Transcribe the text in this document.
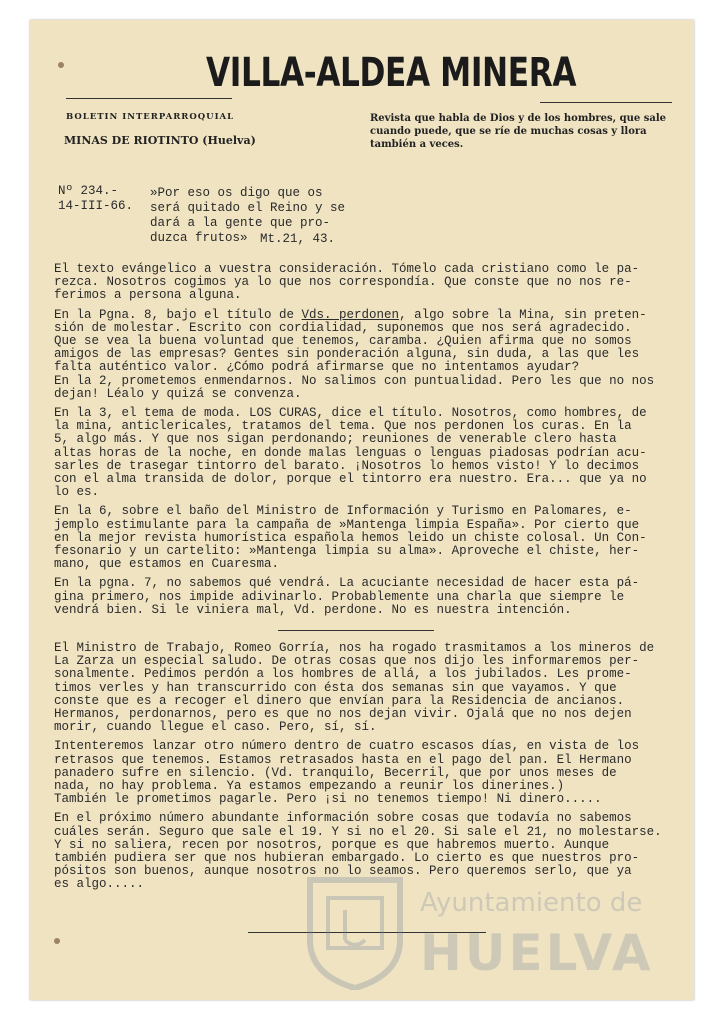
VILLA-ALDEA MINERA
BOLETIN INTERPARROQUIAL
MINAS DE RIOTINTO (Huelva)
Revista que habla de Dios y de los hombres, que sale cuando puede, que se ríe de muchas cosas y llora también a veces.
Nº 234.-
14-III-66.
»Por eso os digo que os
será quitado el Reino y se
dará a la gente que pro-
duzca frutos» Mt.21, 43.

El texto evángelico a vuestra consideración. Tómelo cada cristiano como le pa-
rezca. Nosotros cogimos ya lo que nos correspondía. Que conste que no nos re-
ferimos a persona alguna.

En la Pgna. 8, bajo el título de Vds. perdonen, algo sobre la Mina, sin preten-
sión de molestar. Escrito con cordialidad, suponemos que nos será agradecido.
Que se vea la buena voluntad que tenemos, caramba. ¿Quien afirma que no somos
amigos de las empresas? Gentes sin ponderación alguna, sin duda, a las que les
falta auténtico valor. ¿Cómo podrá afirmarse que no intentamos ayudar?
En la 2, prometemos enmendarnos. No salimos con puntualidad. Pero les que no nos
dejan! Léalo y quizá se convenza.

En la 3, el tema de moda. LOS CURAS, dice el título. Nosotros, como hombres, de
la mina, anticlericales, tratamos del tema. Que nos perdonen los curas. En la
5, algo más. Y que nos sigan perdonando; reuniones de venerable clero hasta
altas horas de la noche, en donde malas lenguas o lenguas piadosas podrían acu-
sarles de trasegar tintorro del barato. ¡Nosotros lo hemos visto! Y lo decimos
con el alma transida de dolor, porque el tintorro era nuestro. Era... que ya no
lo es.

En la 6, sobre el baño del Ministro de Información y Turismo en Palomares, e-
jemplo estimulante para la campaña de »Mantenga limpia España». Por cierto que
en la mejor revista humorística española hemos leido un chiste colosal. Un Con-
fesonario y un cartelito: »Mantenga limpia su alma». Aproveche el chiste, her-
mano, que estamos en Cuaresma.

En la pgna. 7, no sabemos qué vendrá. La acuciante necesidad de hacer esta pá-
gina primero, nos impide adivinarlo. Probablemente una charla que siempre le
vendrá bien. Si le viniera mal, Vd. perdone. No es nuestra intención.

El Ministro de Trabajo, Romeo Gorría, nos ha rogado trasmitamos a los mineros de
La Zarza un especial saludo. De otras cosas que nos dijo les informaremos per-
sonalmente. Pedimos perdón a los hombres de allá, a los jubilados. Les prome-
timos verles y han transcurrido con ésta dos semanas sin que vayamos. Y que
conste que es a recoger el dinero que envían para la Residencia de ancianos.
Hermanos, perdonarnos, pero es que no nos dejan vivir. Ojalá que no nos dejen
morir, cuando llegue el caso. Pero, sí, sí.

Intenteremos lanzar otro número dentro de cuatro escasos días, en vista de los
retrasos que tenemos. Estamos retrasados hasta en el pago del pan. El Hermano
panadero sufre en silencio. (Vd. tranquilo, Becerril, que por unos meses de
nada, no hay problema. Ya estamos empezando a reunir los dinerines.)
También le prometimos pagarle. Pero ¡si no tenemos tiempo! Ni dinero.....

En el próximo número abundante información sobre cosas que todavía no sabemos
cuáles serán. Seguro que sale el 19. Y si no el 20. Si sale el 21, no molestarse.
Y si no saliera, recen por nosotros, porque es que habremos muerto. Aunque
también pudiera ser que nos hubieran embargado. Lo cierto es que nuestros pro-
pósitos son buenos, aunque nosotros no lo seamos. Pero queremos serlo, que ya
es algo.....

Ayuntamiento de
HUELVA
